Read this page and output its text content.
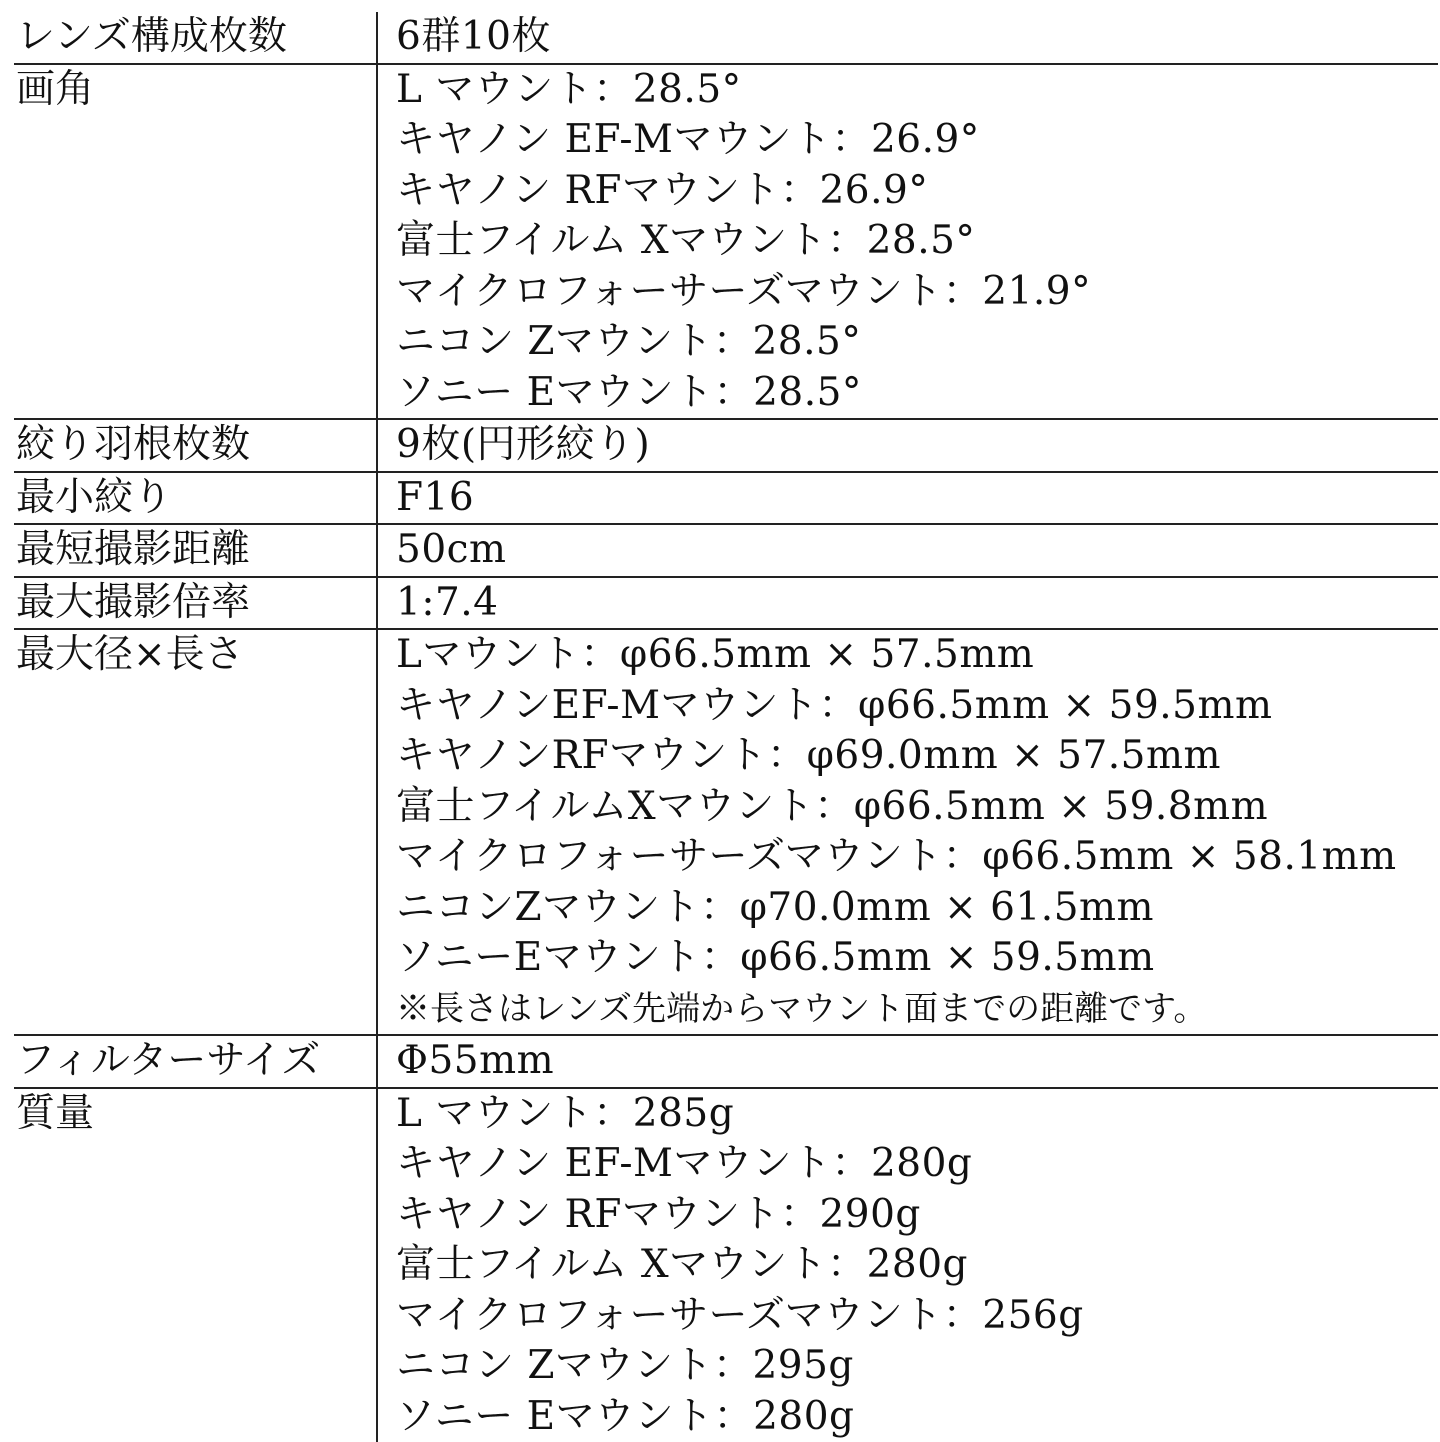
レンズ構成枚数	6群10枚
画角	L マウント：28.5°
キヤノン EF-Mマウント：26.9°
キヤノン RFマウント：26.9°
富士フイルム Xマウント：28.5°
マイクロフォーサーズマウント：21.9°
ニコン Zマウント：28.5°
ソニー Eマウント：28.5°
絞り羽根枚数	9枚(円形絞り)
最小絞り	F16
最短撮影距離	50cm
最大撮影倍率	1:7.4
最大径×長さ	Lマウント：φ66.5mm × 57.5mm
キヤノンEF-Mマウント：φ66.5mm × 59.5mm
キヤノンRFマウント：φ69.0mm × 57.5mm
富士フイルムXマウント：φ66.5mm × 59.8mm
マイクロフォーサーズマウント：φ66.5mm × 58.1mm
ニコンZマウント：φ70.0mm × 61.5mm
ソニーEマウント：φ66.5mm × 59.5mm
※長さはレンズ先端からマウント面までの距離です。
フィルターサイズ	Φ55mm
質量	L マウント：285g
キヤノン EF-Mマウント：280g
キヤノン RFマウント：290g
富士フイルム Xマウント：280g
マイクロフォーサーズマウント：256g
ニコン Zマウント：295g
ソニー Eマウント：280g
